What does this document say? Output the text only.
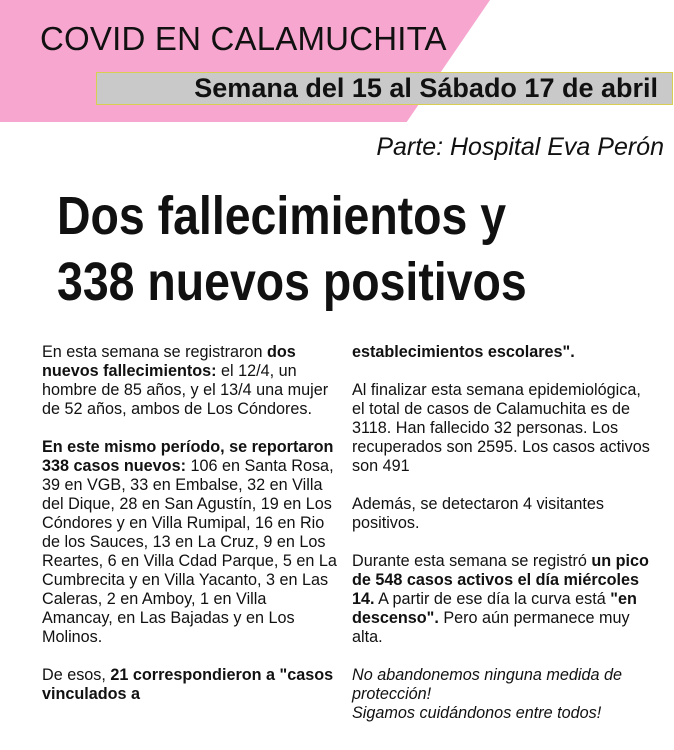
COVID EN CALAMUCHITA
Semana del 15 al Sábado 17 de abril
Parte: Hospital Eva Perón
Dos fallecimientos y
338 nuevos positivos

En esta semana se registraron dos nuevos fallecimientos: el 12/4, un hombre de 85 años, y el 13/4 una mujer de 52 años, ambos de Los Cóndores.

En este mismo período, se reportaron 338 casos nuevos: 106 en Santa Rosa, 39 en VGB, 33 en Embalse, 32 en Villa del Dique, 28 en San Agustín, 19 en Los Cóndores y en Villa Rumipal, 16 en Rio de los Sauces, 13 en La Cruz, 9 en Los Reartes, 6 en Villa Cdad Parque, 5 en La Cumbrecita y en Villa Yacanto, 3 en Las Caleras, 2 en Amboy, 1 en Villa Amancay, en Las Bajadas y en Los Molinos.

De esos, 21 correspondieron a "casos vinculados a

establecimientos escolares".

Al finalizar esta semana epidemiológica, el total de casos de Calamuchita es de 3118. Han fallecido 32 personas. Los recuperados son 2595. Los casos activos son 491

Además, se detectaron 4 visitantes positivos.

Durante esta semana se registró un pico de 548 casos activos el día miércoles 14. A partir de ese día la curva está "en descenso". Pero aún permanece muy alta.

No abandonemos ninguna medida de protección!
Sigamos cuidándonos entre todos!
